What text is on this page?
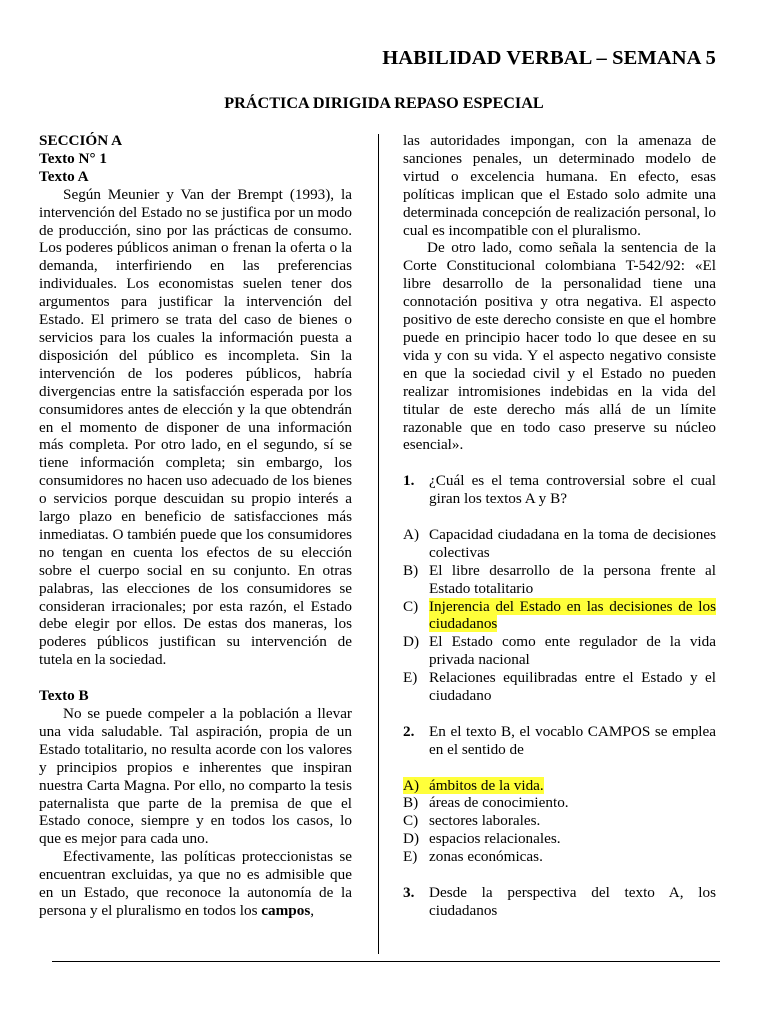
HABILIDAD VERBAL – SEMANA 5
PRÁCTICA DIRIGIDA REPASO ESPECIAL
SECCIÓN A
Texto N° 1
Texto A

Según Meunier y Van der Brempt (1993), la intervención del Estado no se justifica por un modo de producción, sino por las prácticas de consumo. Los poderes públicos animan o frenan la oferta o la demanda, interfiriendo en las preferencias individuales. Los economistas suelen tener dos argumentos para justificar la intervención del Estado. El primero se trata del caso de bienes o servicios para los cuales la información puesta a disposición del público es incompleta. Sin la intervención de los poderes públicos, habría divergencias entre la satisfacción esperada por los consumidores antes de elección y la que obtendrán en el momento de disponer de una información más completa. Por otro lado, en el segundo, sí se tiene información completa; sin embargo, los consumidores no hacen uso adecuado de los bienes o servicios porque descuidan su propio interés a largo plazo en beneficio de satisfacciones más inmediatas. O también puede que los consumidores no tengan en cuenta los efectos de su elección sobre el cuerpo social en su conjunto. En otras palabras, las elecciones de los consumidores se consideran irracionales; por esta razón, el Estado debe elegir por ellos. De estas dos maneras, los poderes públicos justifican su intervención de tutela en la sociedad.

Texto B

No se puede compeler a la población a llevar una vida saludable. Tal aspiración, propia de un Estado totalitario, no resulta acorde con los valores y principios propios e inherentes que inspiran nuestra Carta Magna. Por ello, no comparto la tesis paternalista que parte de la premisa de que el Estado conoce, siempre y en todos los casos, lo que es mejor para cada uno.

Efectivamente, las políticas proteccionistas se encuentran excluidas, ya que no es admisible que en un Estado, que reconoce la autonomía de la persona y el pluralismo en todos los campos,

las autoridades impongan, con la amenaza de sanciones penales, un determinado modelo de virtud o excelencia humana. En efecto, esas políticas implican que el Estado solo admite una determinada concepción de realización personal, lo cual es incompatible con el pluralismo.

De otro lado, como señala la sentencia de la Corte Constitucional colombiana T-542/92: «El libre desarrollo de la personalidad tiene una connotación positiva y otra negativa. El aspecto positivo de este derecho consiste en que el hombre puede en principio hacer todo lo que desee en su vida y con su vida. Y el aspecto negativo consiste en que la sociedad civil y el Estado no pueden realizar intromisiones indebidas en la vida del titular de este derecho más allá de un límite razonable que en todo caso preserve su núcleo esencial».

1. ¿Cuál es el tema controversial sobre el cual giran los textos A y B?
A) Capacidad ciudadana en la toma de decisiones colectivas
B) El libre desarrollo de la persona frente al Estado totalitario
C) Injerencia del Estado en las decisiones de los ciudadanos
D) El Estado como ente regulador de la vida privada nacional
E) Relaciones equilibradas entre el Estado y el ciudadano
2. En el texto B, el vocablo CAMPOS se emplea en el sentido de
A) ámbitos de la vida.
B) áreas de conocimiento.
C) sectores laborales.
D) espacios relacionales.
E) zonas económicas.
3. Desde la perspectiva del texto A, los ciudadanos
